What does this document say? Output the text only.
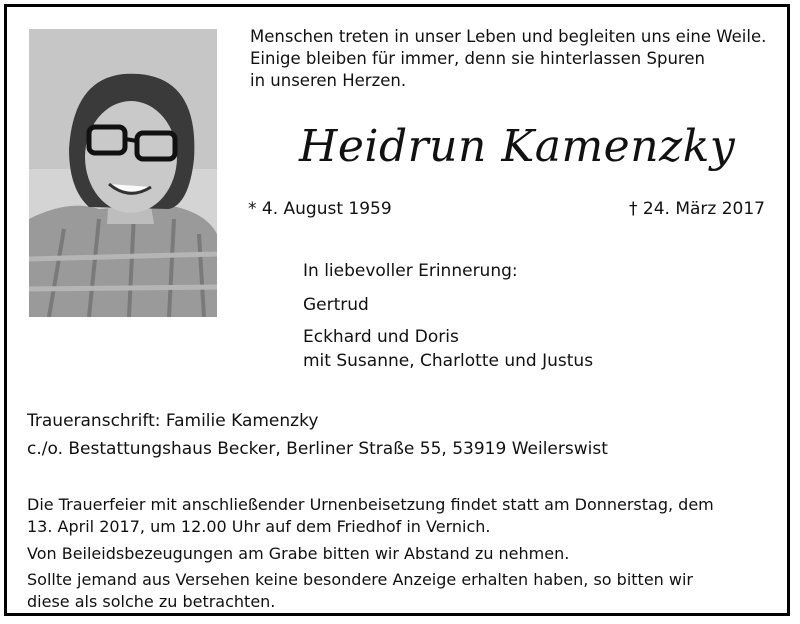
Menschen treten in unser Leben und begleiten uns eine Weile.
Einige bleiben für immer, denn sie hinterlassen Spuren
in unseren Herzen.
Heidrun Kamenzky
* 4. August 1959	† 24. März 2017
In liebevoller Erinnerung:
Gertrud
Eckhard und Doris
mit Susanne, Charlotte und Justus
Traueranschrift: Familie Kamenzky
c./o. Bestattungshaus Becker, Berliner Straße 55, 53919 Weilerswist
Die Trauerfeier mit anschließender Urnenbeisetzung findet statt am Donnerstag, dem
13. April 2017, um 12.00 Uhr auf dem Friedhof in Vernich.
Von Beileidsbezeugungen am Grabe bitten wir Abstand zu nehmen.
Sollte jemand aus Versehen keine besondere Anzeige erhalten haben, so bitten wir
diese als solche zu betrachten.
